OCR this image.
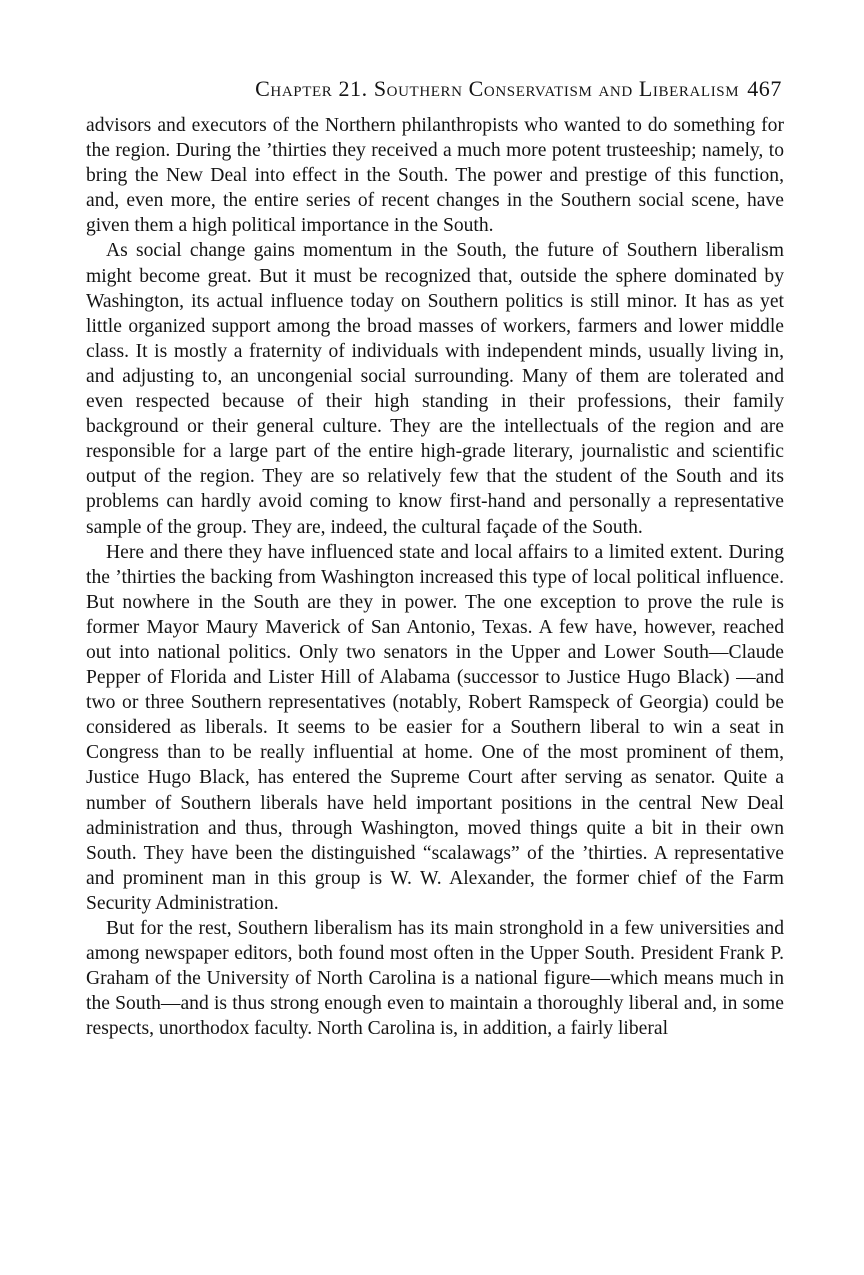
Chapter 21. Southern Conservatism and Liberalism 467

advisors and executors of the Northern philanthropists who wanted to do something for the region. During the ’thirties they received a much more potent trusteeship; namely, to bring the New Deal into effect in the South. The power and prestige of this function, and, even more, the entire series of recent changes in the Southern social scene, have given them a high political importance in the South.

As social change gains momentum in the South, the future of Southern liberalism might become great. But it must be recognized that, outside the sphere dominated by Washington, its actual influence today on Southern politics is still minor. It has as yet little organized support among the broad masses of workers, farmers and lower middle class. It is mostly a fraternity of individuals with independent minds, usually living in, and adjusting to, an uncongenial social surrounding. Many of them are tolerated and even respected because of their high standing in their professions, their family background or their general culture. They are the intellectuals of the region and are responsible for a large part of the entire high-grade literary, journalistic and scientific output of the region. They are so relatively few that the student of the South and its problems can hardly avoid coming to know first-hand and personally a representative sample of the group. They are, indeed, the cultural façade of the South.

Here and there they have influenced state and local affairs to a limited extent. During the ’thirties the backing from Washington increased this type of local political influence. But nowhere in the South are they in power. The one exception to prove the rule is former Mayor Maury Maverick of San Antonio, Texas. A few have, however, reached out into national politics. Only two senators in the Upper and Lower South—Claude Pepper of Florida and Lister Hill of Alabama (successor to Justice Hugo Black) —and two or three Southern representatives (notably, Robert Ramspeck of Georgia) could be considered as liberals. It seems to be easier for a Southern liberal to win a seat in Congress than to be really influential at home. One of the most prominent of them, Justice Hugo Black, has entered the Supreme Court after serving as senator. Quite a number of Southern liberals have held important positions in the central New Deal administration and thus, through Washington, moved things quite a bit in their own South. They have been the distinguished “scalawags” of the ’thirties. A representative and prominent man in this group is W. W. Alexander, the former chief of the Farm Security Administration.

But for the rest, Southern liberalism has its main stronghold in a few universities and among newspaper editors, both found most often in the Upper South. President Frank P. Graham of the University of North Carolina is a national figure—which means much in the South—and is thus strong enough even to maintain a thoroughly liberal and, in some respects, unorthodox faculty. North Carolina is, in addition, a fairly liberal
